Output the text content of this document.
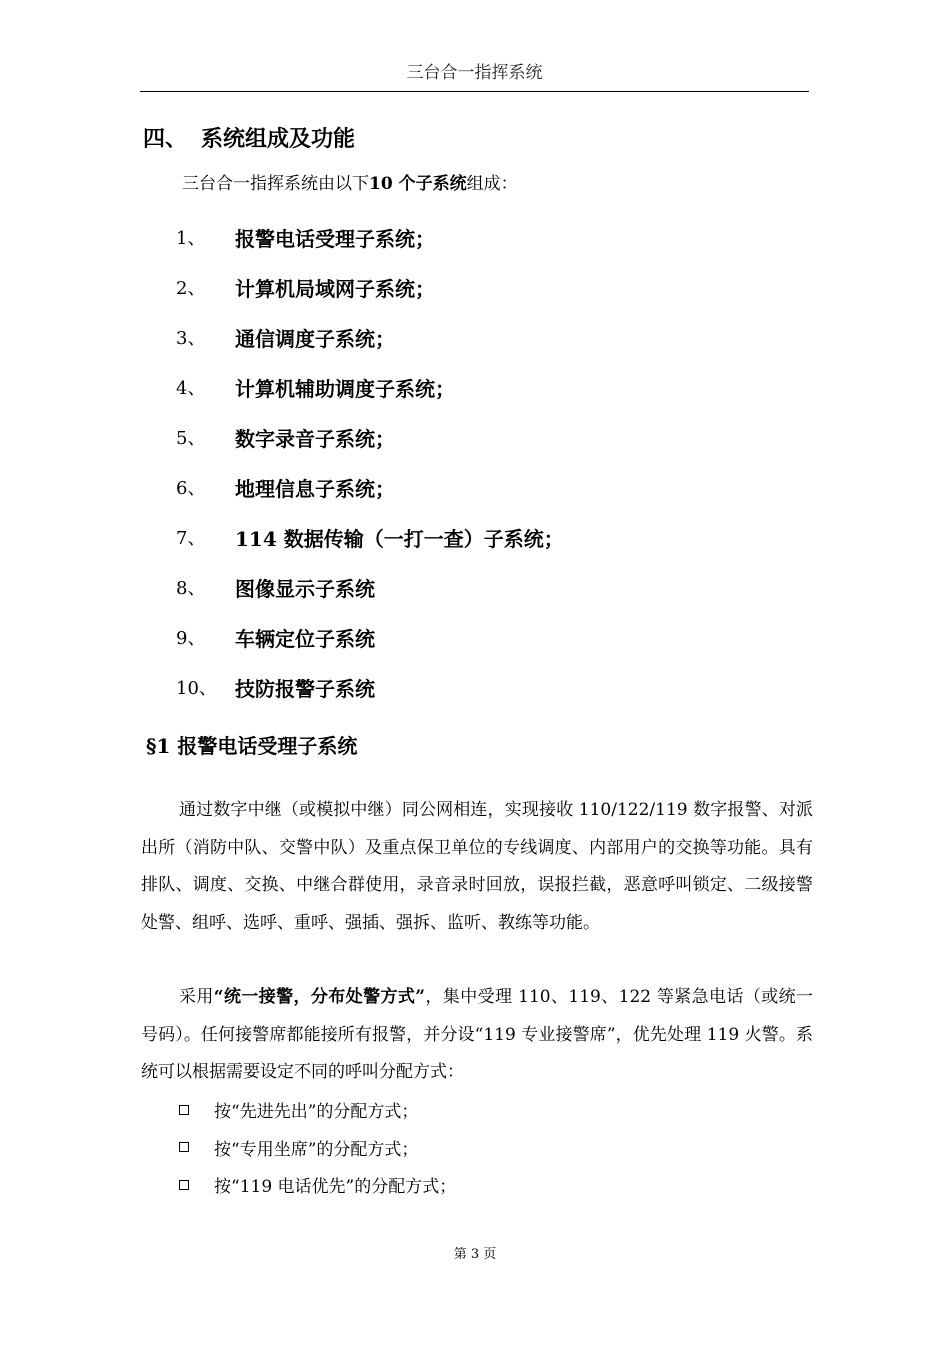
三台合一指挥系统
四、 系统组成及功能
三台合一指挥系统由以下10 个子系统组成：
1、	报警电话受理子系统；
2、	计算机局域网子系统；
3、	通信调度子系统；
4、	计算机辅助调度子系统；
5、	数字录音子系统；
6、	地理信息子系统；
7、	114 数据传输（一打一查）子系统；
8、	图像显示子系统
9、	车辆定位子系统
10、 技防报警子系统
§1 报警电话受理子系统
通过数字中继（或模拟中继）同公网相连，实现接收 110/122/119 数字报警、对派出所（消防中队、交警中队）及重点保卫单位的专线调度、内部用户的交换等功能。具有排队、调度、交换、中继合群使用，录音录时回放，误报拦截，恶意呼叫锁定、二级接警处警、组呼、选呼、重呼、强插、强拆、监听、教练等功能。
采用“统一接警，分布处警方式”，集中受理 110、119、122 等紧急电话（或统一号码）。任何接警席都能接所有报警，并分设“119 专业接警席”，优先处理 119 火警。系统可以根据需要设定不同的呼叫分配方式：
按“先进先出”的分配方式；
按“专用坐席”的分配方式；
按“119 电话优先”的分配方式；
第 3 页
